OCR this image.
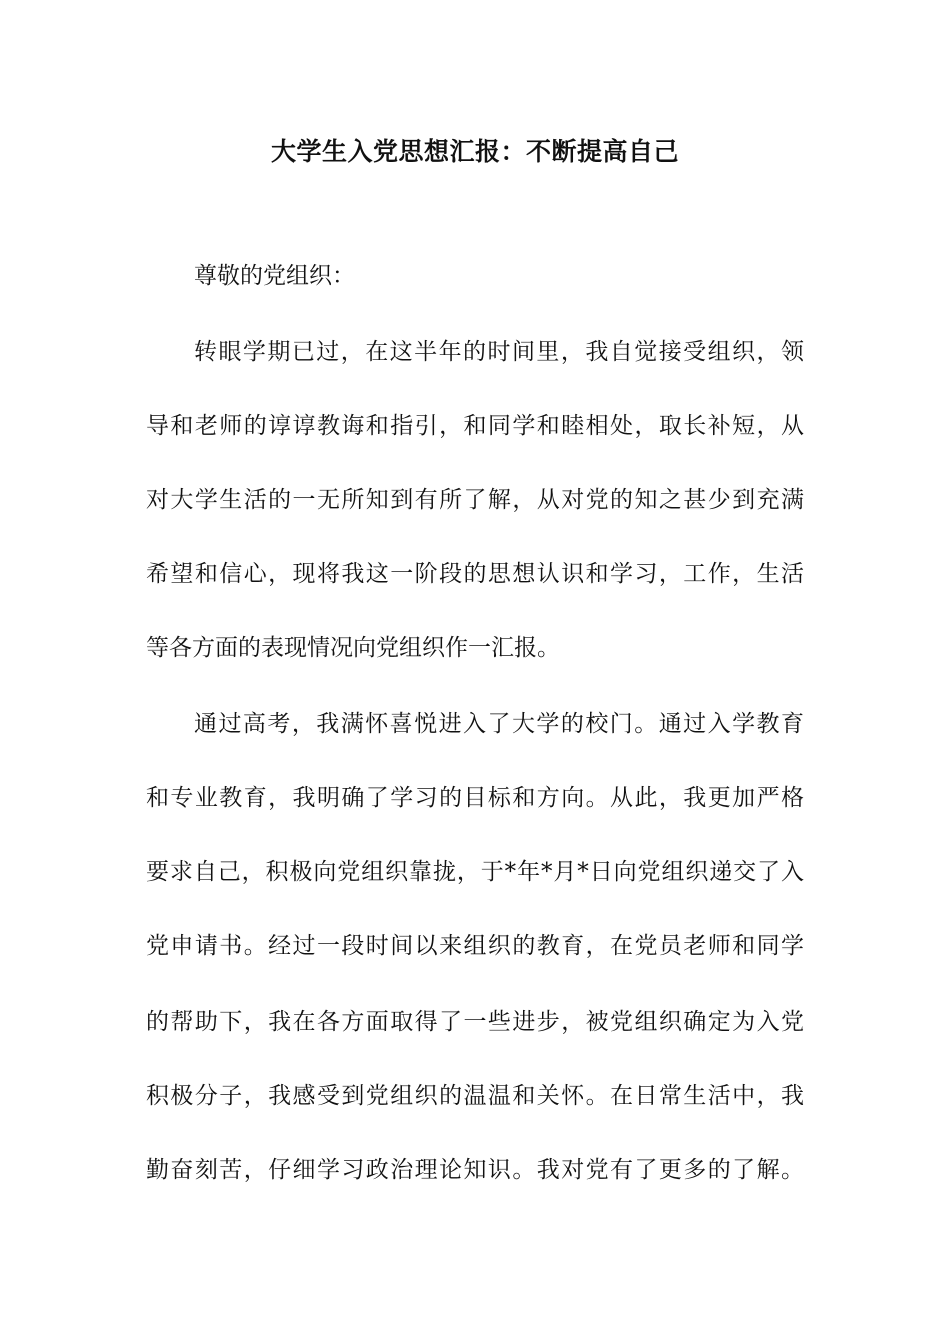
大学生入党思想汇报：不断提高自己

尊敬的党组织：

转眼学期已过，在这半年的时间里，我自觉接受组织，领

导和老师的谆谆教诲和指引，和同学和睦相处，取长补短，从

对大学生活的一无所知到有所了解，从对党的知之甚少到充满

希望和信心，现将我这一阶段的思想认识和学习，工作，生活

等各方面的表现情况向党组织作一汇报。

通过高考，我满怀喜悦进入了大学的校门。通过入学教育

和专业教育，我明确了学习的目标和方向。从此，我更加严格

要求自己，积极向党组织靠拢，于*年*月*日向党组织递交了入

党申请书。经过一段时间以来组织的教育，在党员老师和同学

的帮助下，我在各方面取得了一些进步，被党组织确定为入党

积极分子，我感受到党组织的温温和关怀。在日常生活中，我

勤奋刻苦，仔细学习政治理论知识。我对党有了更多的了解。
